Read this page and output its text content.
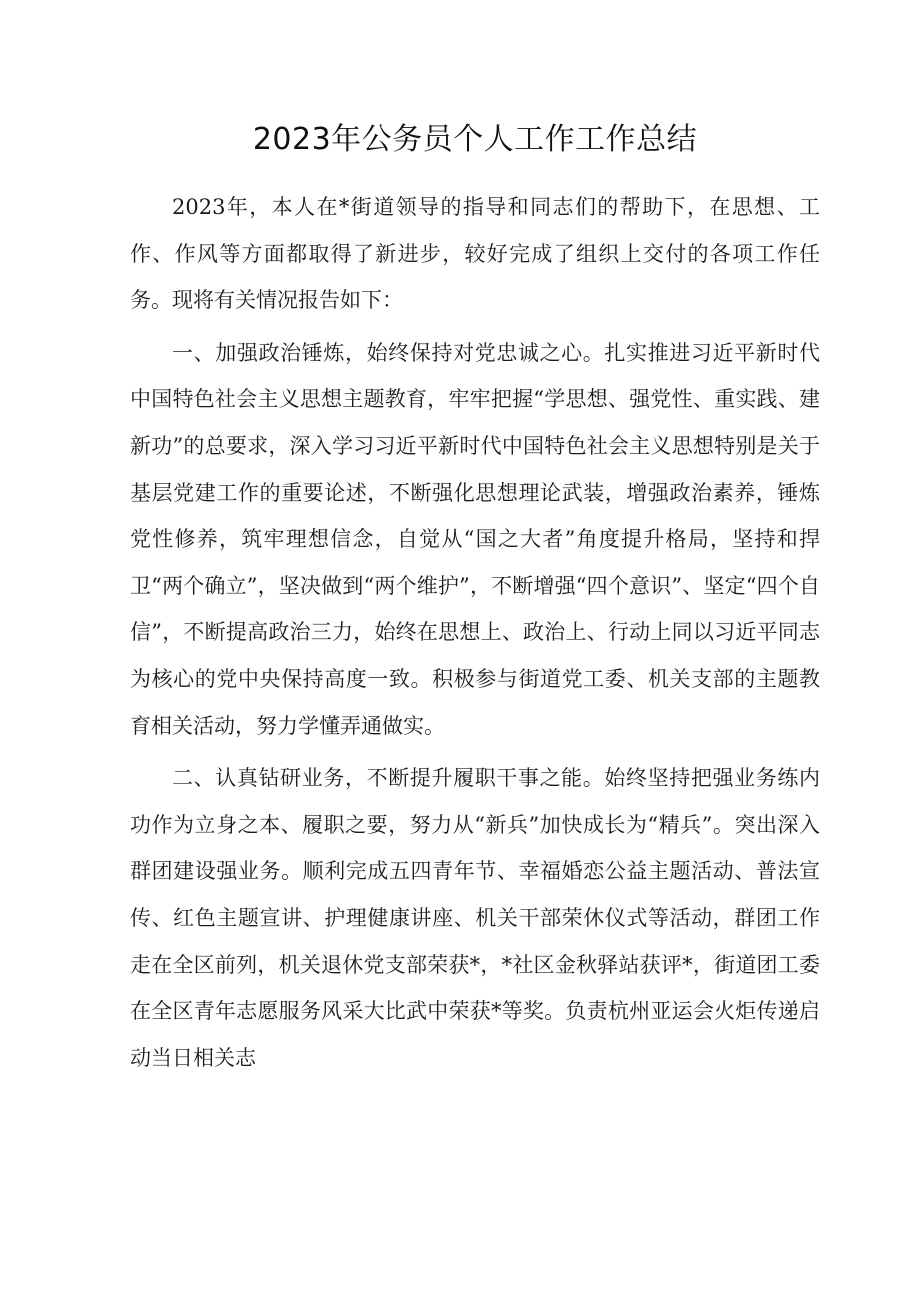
2023年公务员个人工作工作总结

2023年，本人在*街道领导的指导和同志们的帮助下，在思想、工作、作风等方面都取得了新进步，较好完成了组织上交付的各项工作任务。现将有关情况报告如下：

一、加强政治锤炼，始终保持对党忠诚之心。扎实推进习近平新时代中国特色社会主义思想主题教育，牢牢把握“学思想、强党性、重实践、建新功”的总要求，深入学习习近平新时代中国特色社会主义思想特别是关于基层党建工作的重要论述，不断强化思想理论武装，增强政治素养，锤炼党性修养，筑牢理想信念，自觉从“国之大者”角度提升格局，坚持和捍卫“两个确立”，坚决做到“两个维护”，不断增强“四个意识”、坚定“四个自信”，不断提高政治三力，始终在思想上、政治上、行动上同以习近平同志为核心的党中央保持高度一致。积极参与街道党工委、机关支部的主题教育相关活动，努力学懂弄通做实。

二、认真钻研业务，不断提升履职干事之能。始终坚持把强业务练内功作为立身之本、履职之要，努力从“新兵”加快成长为“精兵”。突出深入群团建设强业务。顺利完成五四青年节、幸福婚恋公益主题活动、普法宣传、红色主题宣讲、护理健康讲座、机关干部荣休仪式等活动，群团工作走在全区前列，机关退休党支部荣获*，*社区金秋驿站获评*，街道团工委在全区青年志愿服务风采大比武中荣获*等奖。负责杭州亚运会火炬传递启动当日相关志
